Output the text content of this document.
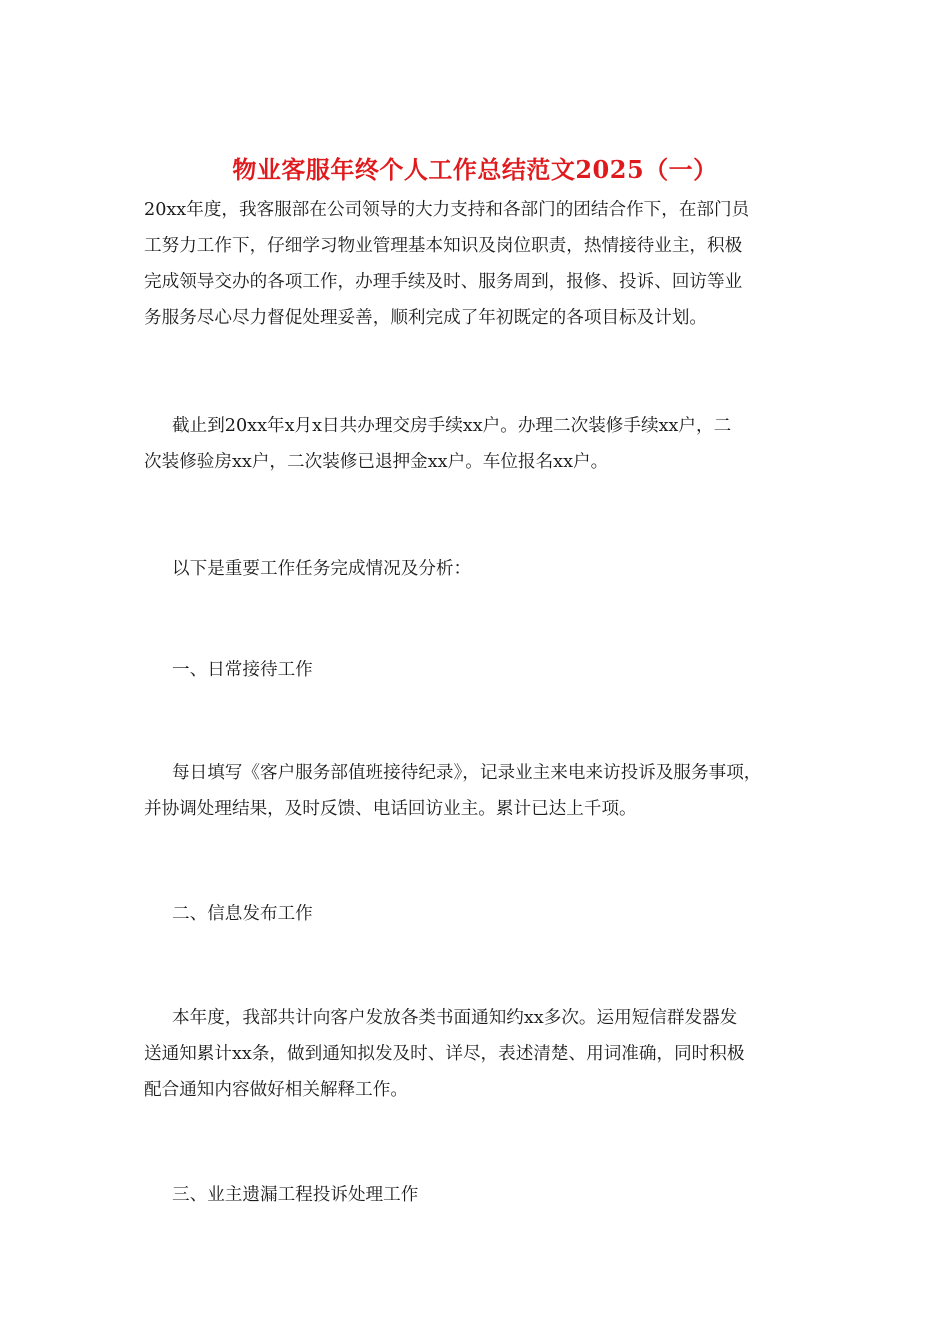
物业客服年终个人工作总结范文2025（一）

20xx年度，我客服部在公司领导的大力支持和各部门的团结合作下，在部门员
工努力工作下，仔细学习物业管理基本知识及岗位职责，热情接待业主，积极
完成领导交办的各项工作，办理手续及时、服务周到，报修、投诉、回访等业
务服务尽心尽力督促处理妥善，顺利完成了年初既定的各项目标及计划。

截止到20xx年x月x日共办理交房手续xx户。办理二次装修手续xx户，二
次装修验房xx户，二次装修已退押金xx户。车位报名xx户。

以下是重要工作任务完成情况及分析：

一、日常接待工作

每日填写《客户服务部值班接待纪录》，记录业主来电来访投诉及服务事项，
并协调处理结果，及时反馈、电话回访业主。累计已达上千项。

二、信息发布工作

本年度，我部共计向客户发放各类书面通知约xx多次。运用短信群发器发
送通知累计xx条，做到通知拟发及时、详尽，表述清楚、用词准确，同时积极
配合通知内容做好相关解释工作。

三、业主遗漏工程投诉处理工作
